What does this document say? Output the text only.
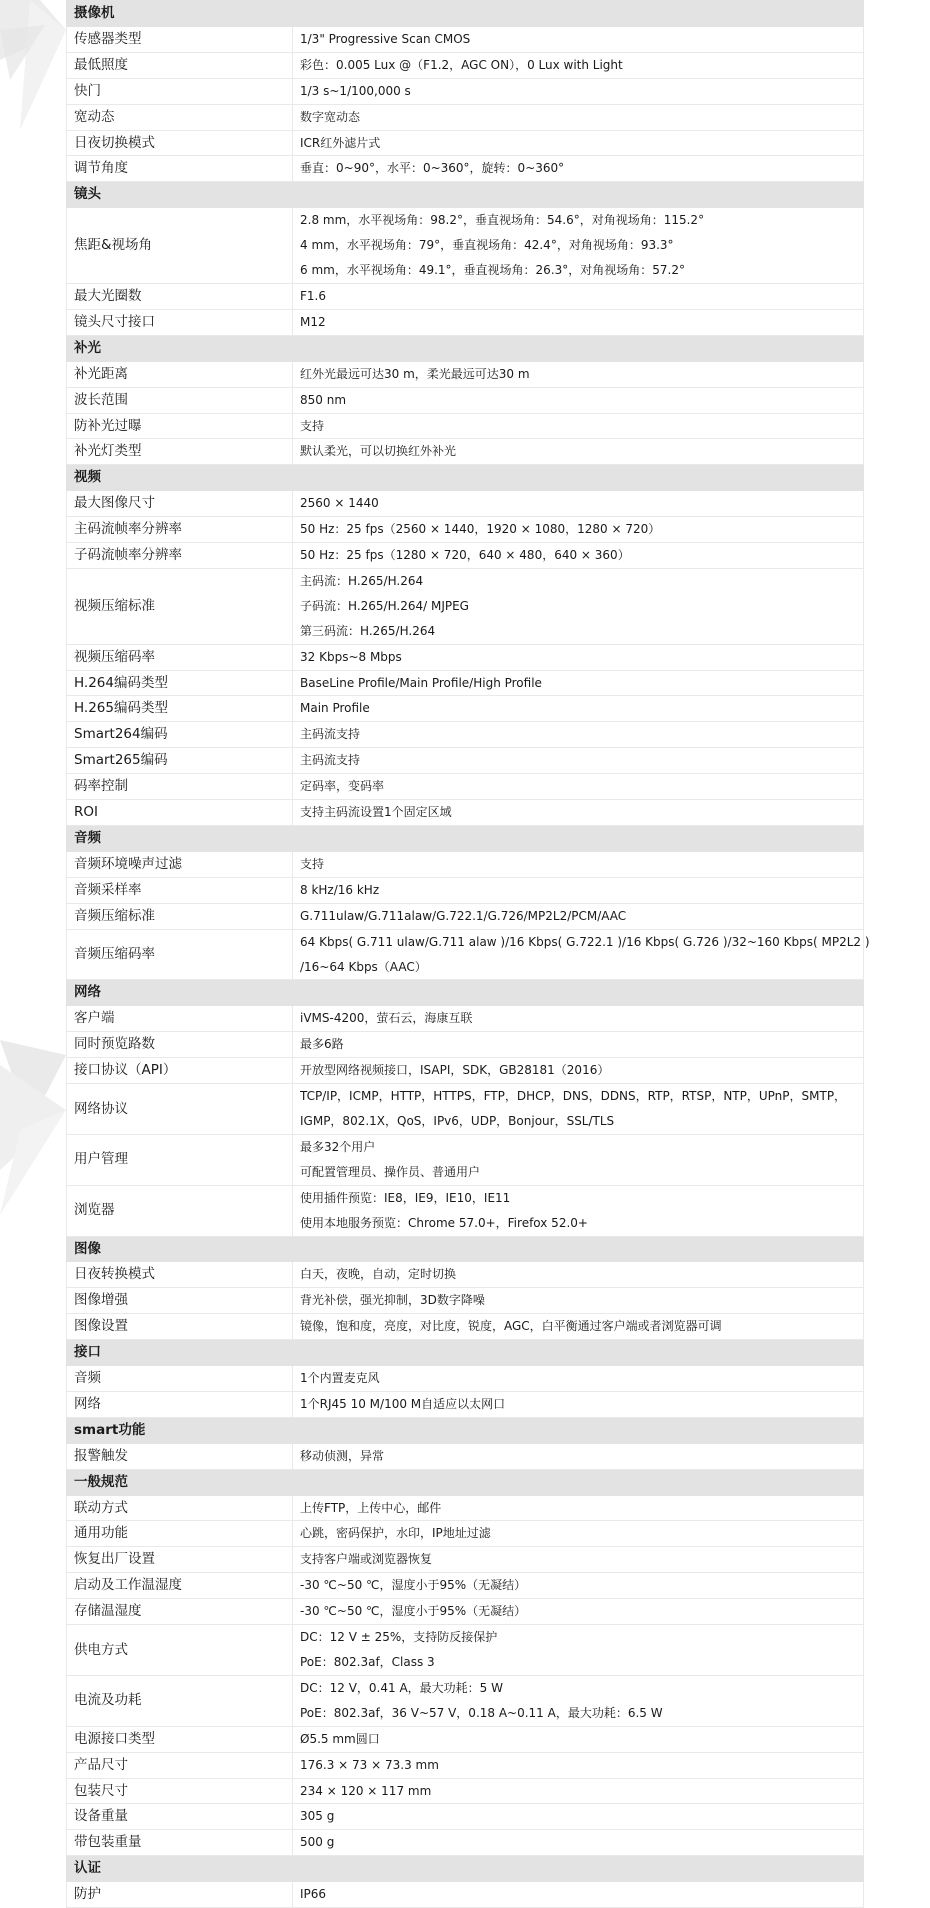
摄像机	
传感器类型	1/3" Progressive Scan CMOS

最低照度	彩色：0.005 Lux @（F1.2，AGC ON），0 Lux with Light

快门	1/3 s~1/100,000 s

宽动态	数字宽动态

日夜切换模式	ICR红外滤片式

调节角度	垂直：0~90°，水平：0~360°，旋转：0~360°

镜头	
焦距&视场角	2.8 mm，水平视场角：98.2°，垂直视场角：54.6°，对角视场角：115.2°
4 mm，水平视场角：79°，垂直视场角：42.4°，对角视场角：93.3°
6 mm，水平视场角：49.1°，垂直视场角：26.3°，对角视场角：57.2°

最大光圈数	F1.6

镜头尺寸接口	M12

补光	
补光距离	红外光最远可达30 m，柔光最远可达30 m

波长范围	850 nm

防补光过曝	支持

补光灯类型	默认柔光，可以切换红外补光

视频	
最大图像尺寸	2560 × 1440

主码流帧率分辨率	50 Hz：25 fps（2560 × 1440，1920 × 1080，1280 × 720）

子码流帧率分辨率	50 Hz：25 fps（1280 × 720，640 × 480，640 × 360）

视频压缩标准	主码流：H.265/H.264
子码流：H.265/H.264/ MJPEG
第三码流：H.265/H.264

视频压缩码率	32 Kbps~8 Mbps

H.264编码类型	BaseLine Profile/Main Profile/High Profile

H.265编码类型	Main Profile

Smart264编码	主码流支持

Smart265编码	主码流支持

码率控制	定码率，变码率

ROI	支持主码流设置1个固定区域

音频	
音频环境噪声过滤	支持

音频采样率	8 kHz/16 kHz

音频压缩标准	G.711ulaw/G.711alaw/G.722.1/G.726/MP2L2/PCM/AAC

音频压缩码率	64 Kbps( G.711 ulaw/G.711 alaw )/16 Kbps( G.722.1 )/16 Kbps( G.726 )/32~160 Kbps( MP2L2 )
/16~64 Kbps（AAC）

网络	
客户端	iVMS-4200，萤石云，海康互联

同时预览路数	最多6路

接口协议（API）	开放型网络视频接口，ISAPI，SDK，GB28181（2016）

网络协议	TCP/IP，ICMP，HTTP，HTTPS，FTP，DHCP，DNS，DDNS，RTP，RTSP，NTP，UPnP，SMTP，
IGMP，802.1X，QoS，IPv6，UDP，Bonjour，SSL/TLS

用户管理	最多32个用户
可配置管理员、操作员、普通用户

浏览器	使用插件预览：IE8，IE9，IE10，IE11
使用本地服务预览：Chrome 57.0+，Firefox 52.0+

图像	
日夜转换模式	白天，夜晚，自动，定时切换

图像增强	背光补偿，强光抑制，3D数字降噪

图像设置	镜像，饱和度，亮度，对比度，锐度，AGC，白平衡通过客户端或者浏览器可调

接口	
音频	1个内置麦克风

网络	1个RJ45 10 M/100 M自适应以太网口

smart功能	
报警触发	移动侦测，异常

一般规范	
联动方式	上传FTP，上传中心，邮件

通用功能	心跳，密码保护，水印，IP地址过滤

恢复出厂设置	支持客户端或浏览器恢复

启动及工作温湿度	-30 ℃~50 ℃，湿度小于95%（无凝结）

存储温湿度	-30 ℃~50 ℃，湿度小于95%（无凝结）

供电方式	DC：12 V ± 25%，支持防反接保护
PoE：802.3af，Class 3

电流及功耗	DC：12 V，0.41 A，最大功耗：5 W
PoE：802.3af，36 V~57 V，0.18 A~0.11 A，最大功耗：6.5 W

电源接口类型	Ø5.5 mm圆口

产品尺寸	176.3 × 73 × 73.3 mm

包装尺寸	234 × 120 × 117 mm

设备重量	305 g

带包装重量	500 g

认证	
防护	IP66
